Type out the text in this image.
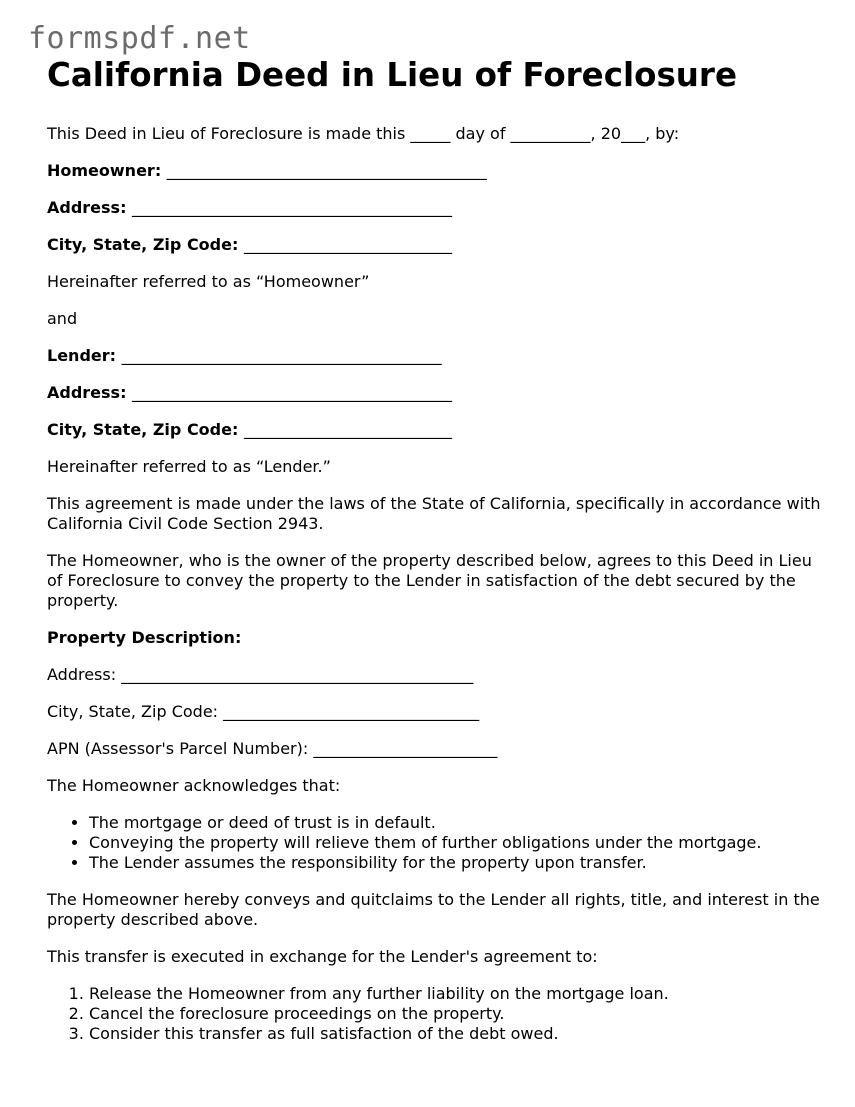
formspdf.net
California Deed in Lieu of Foreclosure

This Deed in Lieu of Foreclosure is made this _____ day of __________, 20___, by:

Homeowner: ________________________________________

Address: ________________________________________

City, State, Zip Code: __________________________

Hereinafter referred to as “Homeowner”

and

Lender: ________________________________________

Address: ________________________________________

City, State, Zip Code: __________________________

Hereinafter referred to as “Lender.”

This agreement is made under the laws of the State of California, specifically in accordance with California Civil Code Section 2943.

The Homeowner, who is the owner of the property described below, agrees to this Deed in Lieu of Foreclosure to convey the property to the Lender in satisfaction of the debt secured by the property.

Property Description:

Address: ____________________________________________

City, State, Zip Code: ________________________________

APN (Assessor's Parcel Number): _______________________

The Homeowner acknowledges that:

• The mortgage or deed of trust is in default.
• Conveying the property will relieve them of further obligations under the mortgage.
• The Lender assumes the responsibility for the property upon transfer.

The Homeowner hereby conveys and quitclaims to the Lender all rights, title, and interest in the property described above.

This transfer is executed in exchange for the Lender's agreement to:

1. Release the Homeowner from any further liability on the mortgage loan.
2. Cancel the foreclosure proceedings on the property.
3. Consider this transfer as full satisfaction of the debt owed.
